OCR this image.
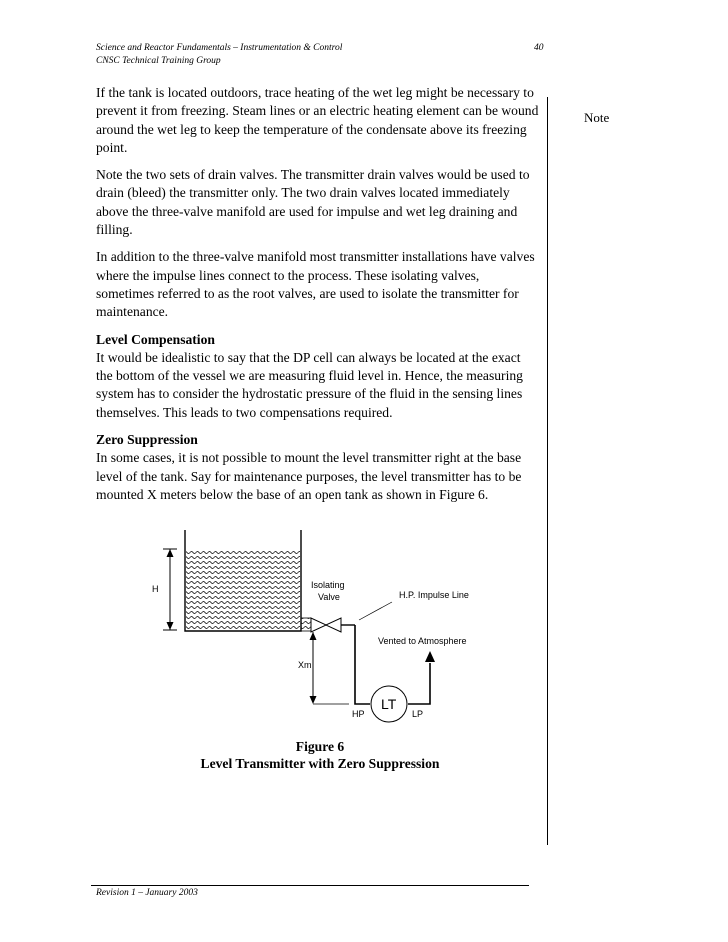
Science and Reactor Fundamentals – Instrumentation & Control
CNSC Technical Training Group
40
Note

If the tank is located outdoors, trace heating of the wet leg might be necessary to prevent it from freezing. Steam lines or an electric heating element can be wound around the wet leg to keep the temperature of the condensate above its freezing point.

Note the two sets of drain valves. The transmitter drain valves would be used to drain (bleed) the transmitter only. The two drain valves located immediately above the three-valve manifold are used for impulse and wet leg draining and filling.

In addition to the three-valve manifold most transmitter installations have valves where the impulse lines connect to the process. These isolating valves, sometimes referred to as the root valves, are used to isolate the transmitter for maintenance.

Level Compensation

It would be idealistic to say that the DP cell can always be located at the exact the bottom of the vessel we are measuring fluid level in. Hence, the measuring system has to consider the hydrostatic pressure of the fluid in the sensing lines themselves. This leads to two compensations required.

Zero Suppression

In some cases, it is not possible to mount the level transmitter right at the base level of the tank. Say for maintenance purposes, the level transmitter has to be mounted X meters below the base of an open tank as shown in Figure 6.

H	Isolating
Valve	H.P. Impulse Line
LT
HP	LP
Vented to Atmosphere
Xm
Figure 6
Level Transmitter with Zero Suppression
Revision 1 – January 2003
